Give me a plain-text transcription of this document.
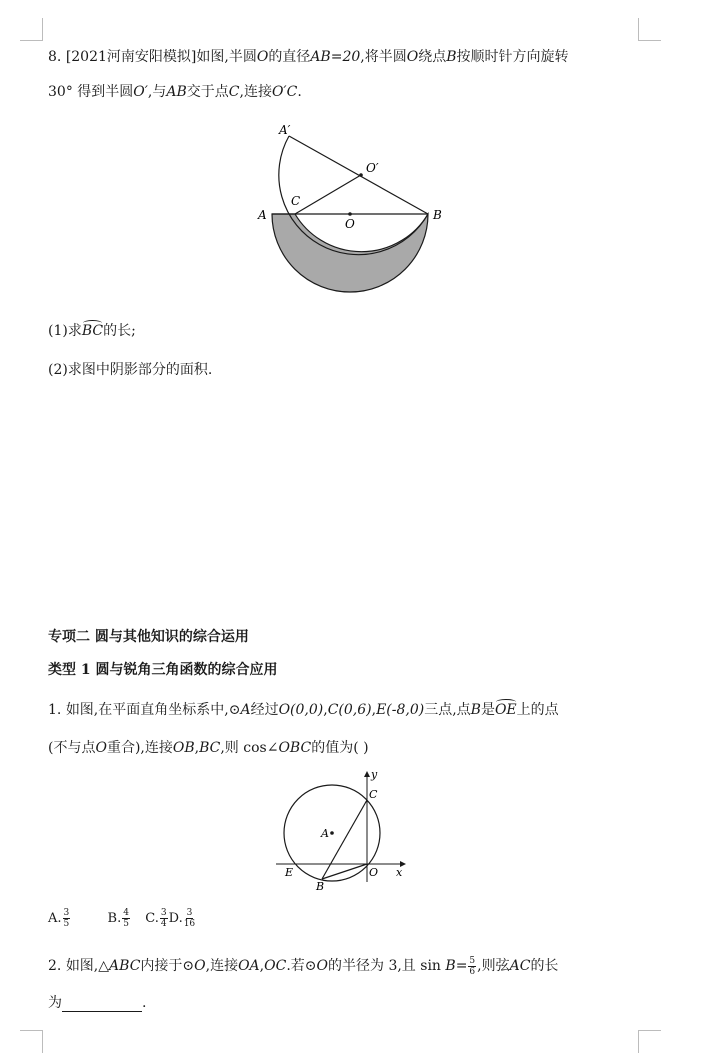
8. [2021河南安阳模拟]如图,半圆O的直径AB=20,将半圆O绕点B按顺时针方向旋转
30° 得到半圆O′,与AB交于点C,连接O′C.
A′
O′
A
C
O
B
(1)求BC的长;
(2)求图中阴影部分的面积.
专项二 圆与其他知识的综合运用
类型 1 圆与锐角三角函数的综合应用
1. 如图,在平面直角坐标系中,⊙A经过O(0,0),C(0,6),E(-8,0)三点,点B是OE上的点
(不与点O重合),连接OB,BC,则 cos∠OBC的值为( )
y
C
A
E	O x
B
A. $\frac{3}{5}$	B. $\frac{4}{5} C$. $\frac{3}{4} D$. $\frac{3}{16}$
2. 如图,△ABC内接于⊙O,连接OA,OC.若⊙O的半径为 3,且 $\sin B= \frac{5}{6}$ ,则弦AC的长
为	.
